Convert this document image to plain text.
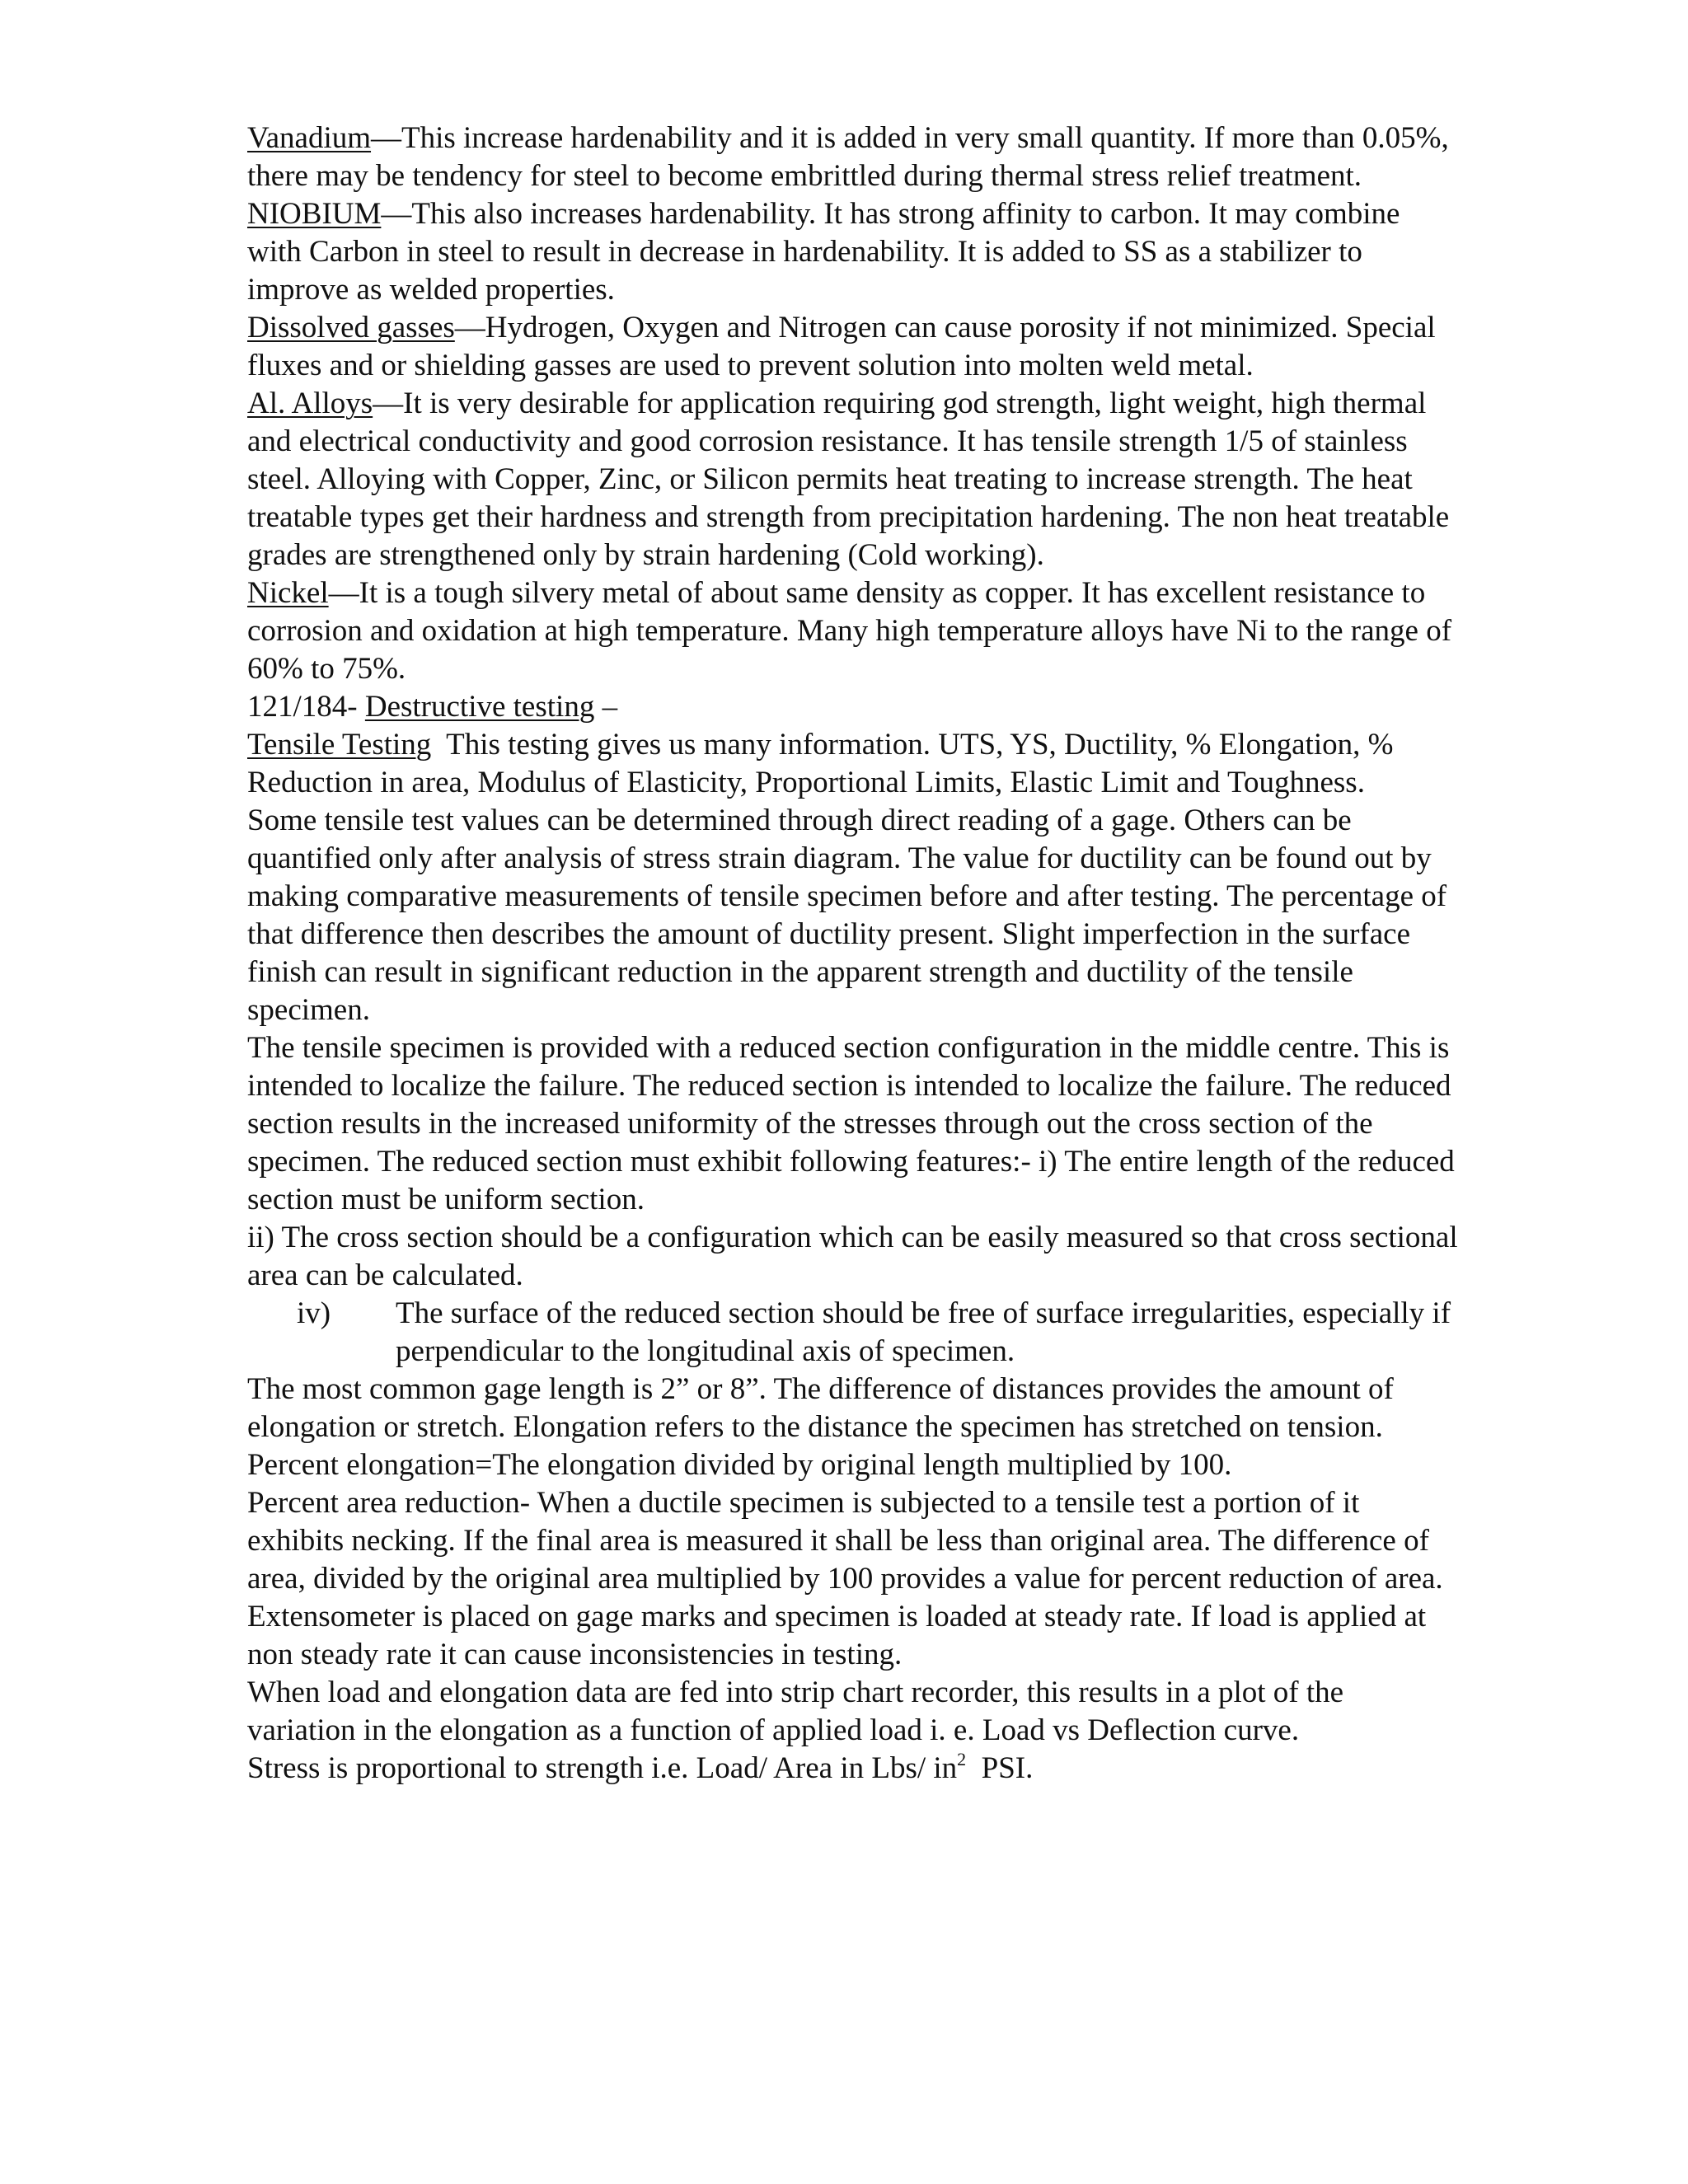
Vanadium—This increase hardenability and it is added in very small quantity. If more than 0.05%, there may be tendency for steel to become embrittled during thermal stress relief treatment.

NIOBIUM—This also increases hardenability. It has strong affinity to carbon. It may combine with Carbon in steel to result in decrease in hardenability. It is added to SS as a stabilizer to improve as welded properties.

Dissolved gasses—Hydrogen, Oxygen and Nitrogen can cause porosity if not minimized. Special fluxes and or shielding gasses are used to prevent solution into molten weld metal.

Al. Alloys—It is very desirable for application requiring god strength, light weight, high thermal and electrical conductivity and good corrosion resistance. It has tensile strength 1/5 of stainless steel. Alloying with Copper, Zinc, or Silicon permits heat treating to increase strength. The heat treatable types get their hardness and strength from precipitation hardening. The non heat treatable grades are strengthened only by strain hardening (Cold working).

Nickel—It is a tough silvery metal of about same density as copper. It has excellent resistance to corrosion and oxidation at high temperature. Many high temperature alloys have Ni to the range of 60% to 75%.

121/184- Destructive testing –

Tensile Testing  This testing gives us many information. UTS, YS, Ductility, % Elongation, % Reduction in area, Modulus of Elasticity, Proportional Limits, Elastic Limit and Toughness.

Some tensile test values can be determined through direct reading of a gage. Others can be quantified only after analysis of stress strain diagram. The value for ductility can be found out by making comparative measurements of tensile specimen before and after testing. The percentage of that difference then describes the amount of ductility present. Slight imperfection in the surface finish can result in significant reduction in the apparent strength and ductility of the tensile specimen.

The tensile specimen is provided with a reduced section configuration in the middle centre. This is intended to localize the failure. The reduced section is intended to localize the failure. The reduced section results in the increased uniformity of the stresses through out the cross section of the specimen. The reduced section must exhibit following features:- i) The entire length of the reduced section must be uniform section.

ii) The cross section should be a configuration which can be easily measured so that cross sectional area can be calculated.

iv)	The surface of the reduced section should be free of surface irregularities, especially if perpendicular to the longitudinal axis of specimen.

The most common gage length is 2” or 8”. The difference of distances provides the amount of elongation or stretch. Elongation refers to the distance the specimen has stretched on tension. Percent elongation=The elongation divided by original length multiplied by 100.

Percent area reduction- When a ductile specimen is subjected to a tensile test a portion of it exhibits necking. If the final area is measured it shall be less than original area. The difference of area, divided by the original area multiplied by 100 provides a value for percent reduction of area.

Extensometer is placed on gage marks and specimen is loaded at steady rate. If load is applied at non steady rate it can cause inconsistencies in testing.

When load and elongation data are fed into strip chart recorder, this results in a plot of the variation in the elongation as a function of applied load i. e. Load vs Deflection curve.

Stress is proportional to strength i.e. Load/ Area in Lbs/ $in^2$  PSI.
